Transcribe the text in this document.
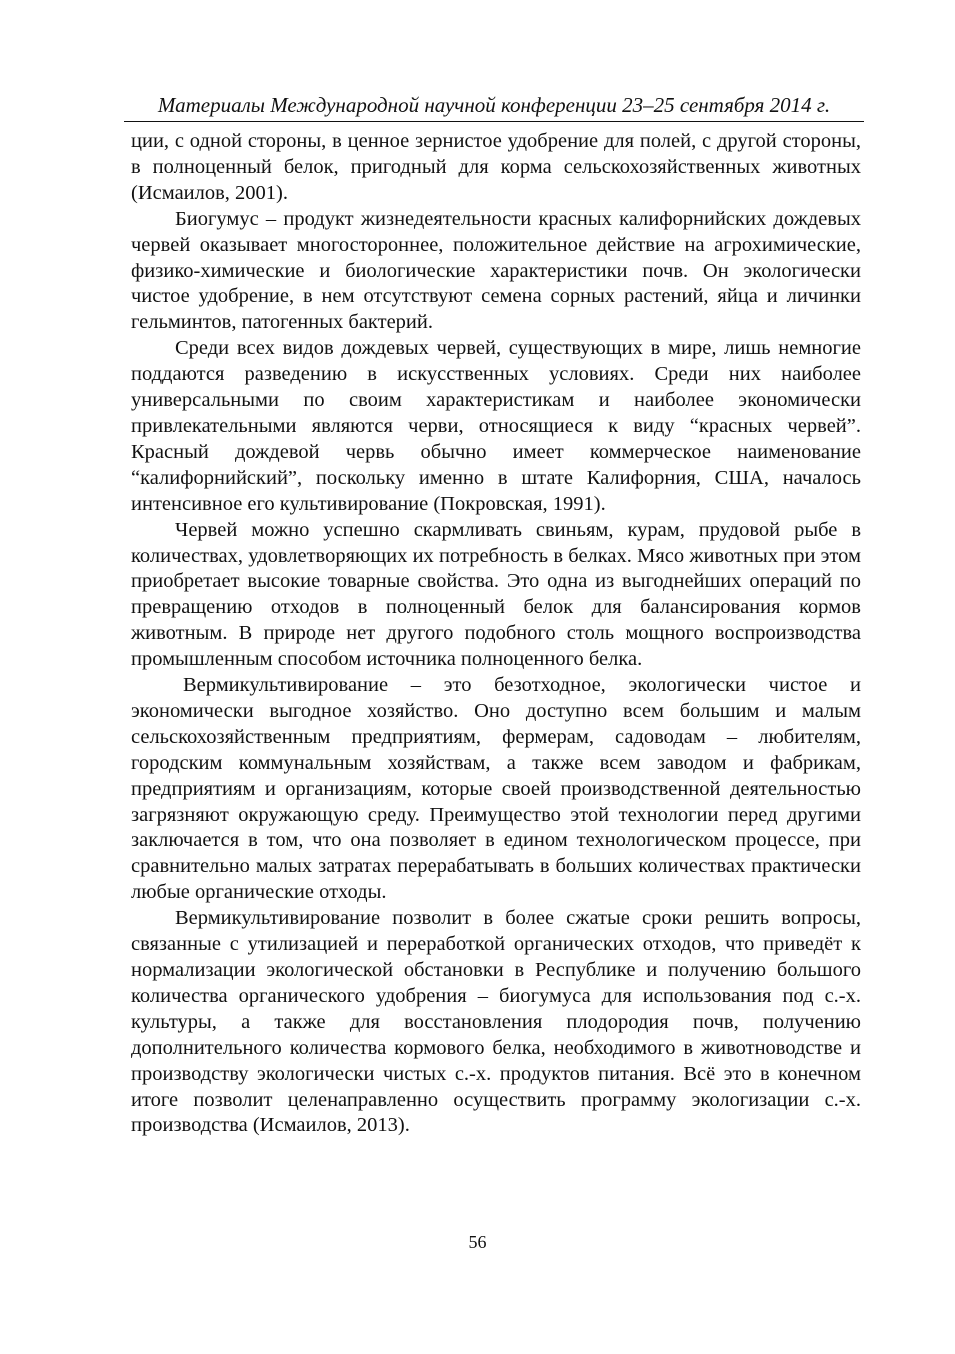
Материалы Международной научной конференции 23–25 сентября 2014 г.

ции, с одной стороны, в ценное зернистое удобрение для полей, с другой стороны, в полноценный белок, пригодный для корма сельскохозяйственных животных (Исмаилов, 2001).

Биогумус – продукт жизнедеятельности красных калифорнийских дождевых червей оказывает многостороннее, положительное действие на агрохимические, физико-химические и биологические характеристики почв. Он экологически чистое удобрение, в нем отсутствуют семена сорных растений, яйца и личинки гельминтов, патогенных бактерий.

Среди всех видов дождевых червей, существующих в мире, лишь немногие поддаются разведению в искусственных условиях. Среди них наиболее универсальными по своим характеристикам и наиболее экономически привлекательными являются черви, относящиеся к виду “красных червей”. Красный дождевой червь обычно имеет коммерческое наименование “калифорнийский”, поскольку именно в штате Калифорния, США, началось интенсивное его культивирование (Покровская, 1991).

Червей можно успешно скармливать свиньям, курам, прудовой рыбе в количествах, удовлетворяющих их потребность в белках. Мясо животных при этом приобретает высокие товарные свойства. Это одна из выгоднейших операций по превращению отходов в полноценный белок для балансирования кормов животным. В природе нет другого подобного столь мощного воспроизводства промышленным способом источника полноценного белка.

Вермикультивирование – это безотходное, экологически чистое и экономически выгодное хозяйство. Оно доступно всем большим и малым сельскохозяйственным предприятиям, фермерам, садоводам – любителям, городским коммунальным хозяйствам, а также всем заводом и фабрикам, предприятиям и организациям, которые своей производственной деятельностью загрязняют окружающую среду. Преимущество этой технологии перед другими заключается в том, что она позволяет в едином технологическом процессе, при сравнительно малых затратах перерабатывать в больших количествах практически любые органические отходы.

Вермикультивирование позволит в более сжатые сроки решить вопросы, связанные с утилизацией и переработкой органических отходов, что приведёт к нормализации экологической обстановки в Республике и получению большого количества органического удобрения – биогумуса для использования под с.-х. культуры, а также для восстановления плодородия почв, получению дополнительного количества кормового белка, необходимого в животноводстве и производству экологически чистых с.-х. продуктов питания. Всё это в конечном итоге позволит целенаправленно осуществить программу экологизации с.-х. производства (Исмаилов, 2013).

56
